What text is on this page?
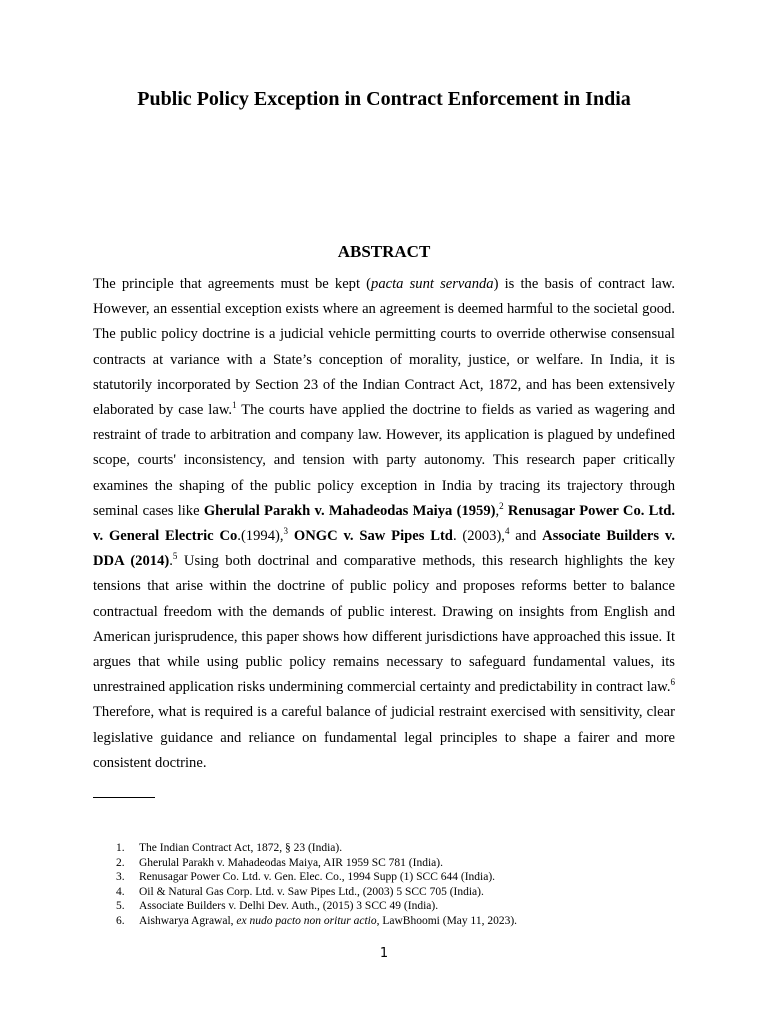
Public Policy Exception in Contract Enforcement in India
ABSTRACT

The principle that agreements must be kept (pacta sunt servanda) is the basis of contract law. However, an essential exception exists where an agreement is deemed harmful to the societal good. The public policy doctrine is a judicial vehicle permitting courts to override otherwise consensual contracts at variance with a State’s conception of morality, justice, or welfare. In India, it is statutorily incorporated by Section 23 of the Indian Contract Act, 1872, and has been extensively elaborated by case law.$^1$ The courts have applied the doctrine to fields as varied as wagering and restraint of trade to arbitration and company law. However, its application is plagued by undefined scope, courts' inconsistency, and tension with party autonomy. This research paper critically examines the shaping of the public policy exception in India by tracing its trajectory through seminal cases like Gherulal Parakh v. Mahadeodas Maiya (1959),$^2$ Renusagar Power Co. Ltd. v. General Electric Co.(1994),$^3$ ONGC v. Saw Pipes Ltd. (2003),$^4$ and Associate Builders v. DDA (2014).$^5$ Using both doctrinal and comparative methods, this research highlights the key tensions that arise within the doctrine of public policy and proposes reforms better to balance contractual freedom with the demands of public interest. Drawing on insights from English and American jurisprudence, this paper shows how different jurisdictions have approached this issue. It argues that while using public policy remains necessary to safeguard fundamental values, its unrestrained application risks undermining commercial certainty and predictability in contract law.$^6$ Therefore, what is required is a careful balance of judicial restraint exercised with sensitivity, clear legislative guidance and reliance on fundamental legal principles to shape a fairer and more consistent doctrine.

1.	The Indian Contract Act, 1872, § 23 (India).
2.	Gherulal Parakh v. Mahadeodas Maiya, AIR 1959 SC 781 (India).
3.	Renusagar Power Co. Ltd. v. Gen. Elec. Co., 1994 Supp (1) SCC 644 (India).
4.	Oil & Natural Gas Corp. Ltd. v. Saw Pipes Ltd., (2003) 5 SCC 705 (India).
5.	Associate Builders v. Delhi Dev. Auth., (2015) 3 SCC 49 (India).
6.	Aishwarya Agrawal, ex nudo pacto non oritur actio, LawBhoomi (May 11, 2023).
1
